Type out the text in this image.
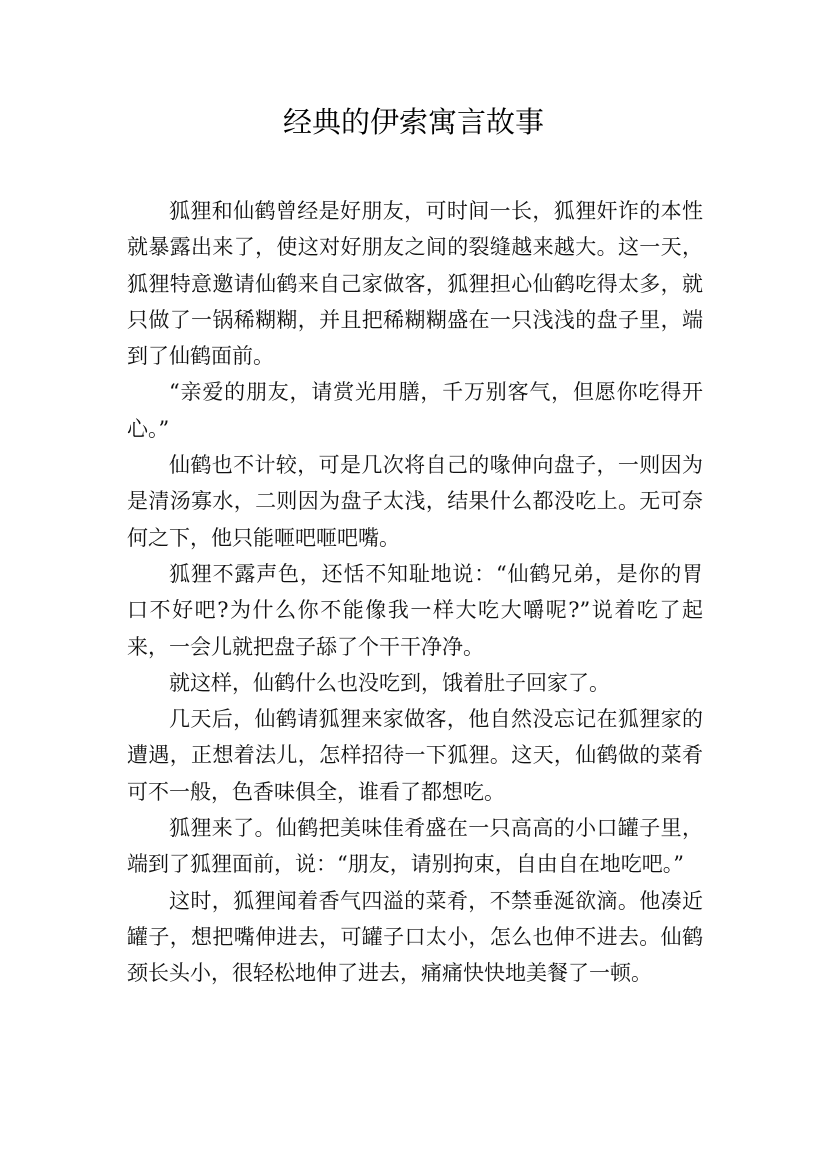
经典的伊索寓言故事

狐狸和仙鹤曾经是好朋友，可时间一长，狐狸奸诈的本性就暴露出来了，使这对好朋友之间的裂缝越来越大。这一天，狐狸特意邀请仙鹤来自己家做客，狐狸担心仙鹤吃得太多，就只做了一锅稀糊糊，并且把稀糊糊盛在一只浅浅的盘子里，端到了仙鹤面前。

“亲爱的朋友，请赏光用膳，千万别客气，但愿你吃得开心。”

仙鹤也不计较，可是几次将自己的喙伸向盘子，一则因为是清汤寡水，二则因为盘子太浅，结果什么都没吃上。无可奈何之下，他只能咂吧咂吧嘴。

狐狸不露声色，还恬不知耻地说：“仙鹤兄弟，是你的胃口不好吧?为什么你不能像我一样大吃大嚼呢?”说着吃了起来，一会儿就把盘子舔了个干干净净。

就这样，仙鹤什么也没吃到，饿着肚子回家了。

几天后，仙鹤请狐狸来家做客，他自然没忘记在狐狸家的遭遇，正想着法儿，怎样招待一下狐狸。这天，仙鹤做的菜肴可不一般，色香味俱全，谁看了都想吃。

狐狸来了。仙鹤把美味佳肴盛在一只高高的小口罐子里，端到了狐狸面前，说：“朋友，请别拘束，自由自在地吃吧。”

这时，狐狸闻着香气四溢的菜肴，不禁垂涎欲滴。他凑近罐子，想把嘴伸进去，可罐子口太小，怎么也伸不进去。仙鹤颈长头小，很轻松地伸了进去，痛痛快快地美餐了一顿。
